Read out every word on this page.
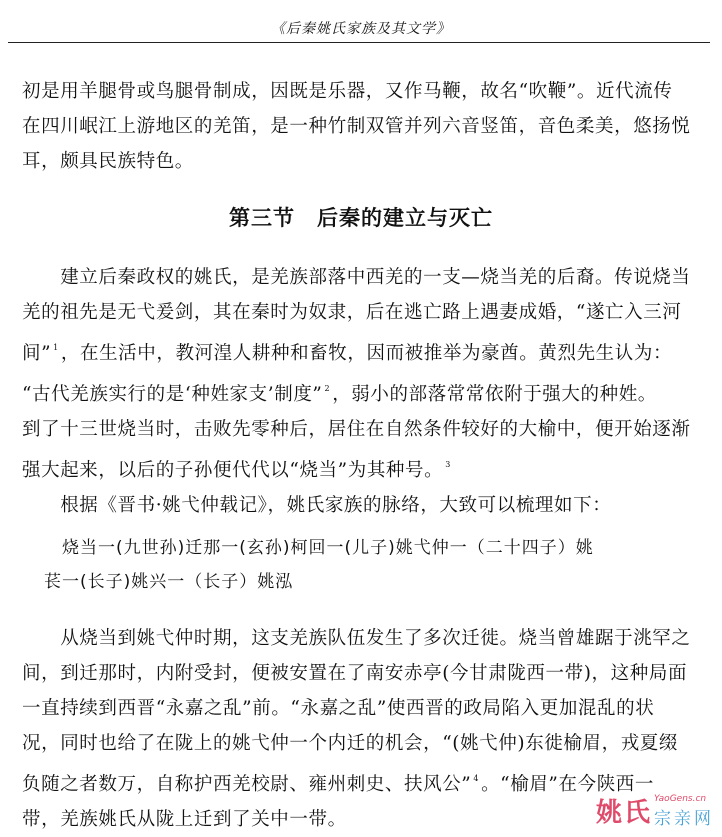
《后秦姚氏家族及其文学》
初是用羊腿骨或鸟腿骨制成，因既是乐器，又作马鞭，故名“吹鞭”。近代流传
在四川岷江上游地区的羌笛，是一种竹制双管并列六音竖笛，音色柔美，悠扬悦
耳，颇具民族特色。
第三节　后秦的建立与灭亡
　　建立后秦政权的姚氏，是羌族部落中西羌的一支—烧当羌的后裔。传说烧当
羌的祖先是无弋爰剑，其在秦时为奴隶，后在逃亡路上遇妻成婚，“遂亡入三河
间” $^1$ ，在生活中，教河湟人耕种和畜牧，因而被推举为豪酋。黄烈先生认为：
“古代羌族实行的是‘种姓家支’制度” $^2$ ，弱小的部落常常依附于强大的种姓。
到了十三世烧当时，击败先零种后，居住在自然条件较好的大榆中，便开始逐渐
强大起来，以后的子孙便代代以“烧当”为其种号。 $^3$
　　根据《晋书·姚弋仲载记》，姚氏家族的脉络，大致可以梳理如下：
烧当一(九世孙)迁那一(玄孙)柯回一(儿子)姚弋仲一（二十四子）姚
苌一(长子)姚兴一（长子）姚泓
　　从烧当到姚弋仲时期，这支羌族队伍发生了多次迁徙。烧当曾雄踞于洮罕之
间，到迁那时，内附受封，便被安置在了南安赤亭(今甘肃陇西一带)，这种局面
一直持续到西晋“永嘉之乱”前。“永嘉之乱”使西晋的政局陷入更加混乱的状
况，同时也给了在陇上的姚弋仲一个内迁的机会，“(姚弋仲)东徙榆眉，戎夏缀
负随之者数万，自称护西羌校尉、雍州刺史、扶风公” $^4$ 。“榆眉”在今陕西一
带，羌族姚氏从陇上迁到了关中一带。	姚氏 YaoGens.cn
宗亲网
